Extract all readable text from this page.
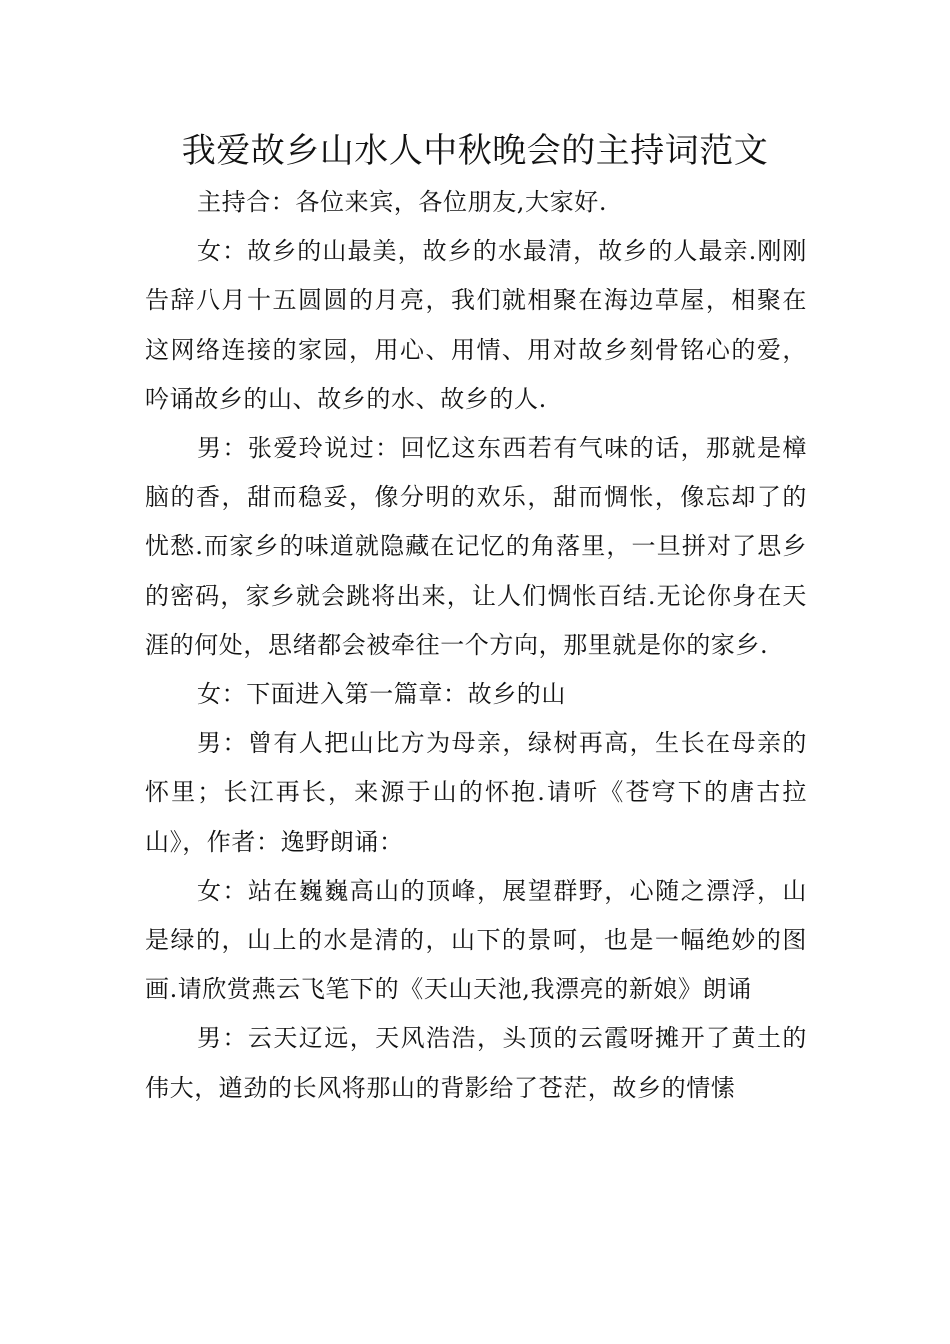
我爱故乡山水人中秋晚会的主持词范文

主持合：各位来宾，各位朋友,大家好.

女：故乡的山最美，故乡的水最清，故乡的人最亲.刚刚告辞八月十五圆圆的月亮，我们就相聚在海边草屋，相聚在这网络连接的家园，用心、用情、用对故乡刻骨铭心的爱，吟诵故乡的山、故乡的水、故乡的人.

男：张爱玲说过：回忆这东西若有气味的话，那就是樟脑的香，甜而稳妥，像分明的欢乐，甜而惆怅，像忘却了的忧愁.而家乡的味道就隐藏在记忆的角落里，一旦拼对了思乡的密码，家乡就会跳将出来，让人们惆怅百结.无论你身在天涯的何处，思绪都会被牵往一个方向，那里就是你的家乡.

女：下面进入第一篇章：故乡的山

男：曾有人把山比方为母亲，绿树再高，生长在母亲的怀里；长江再长，来源于山的怀抱.请听《苍穹下的唐古拉山》，作者：逸野朗诵：

女：站在巍巍高山的顶峰，展望群野，心随之漂浮，山是绿的，山上的水是清的，山下的景呵，也是一幅绝妙的图画.请欣赏燕云飞笔下的《天山天池,我漂亮的新娘》朗诵

男：云天辽远，天风浩浩，头顶的云霞呀摊开了黄土的伟大，遒劲的长风将那山的背影给了苍茫，故乡的情愫
